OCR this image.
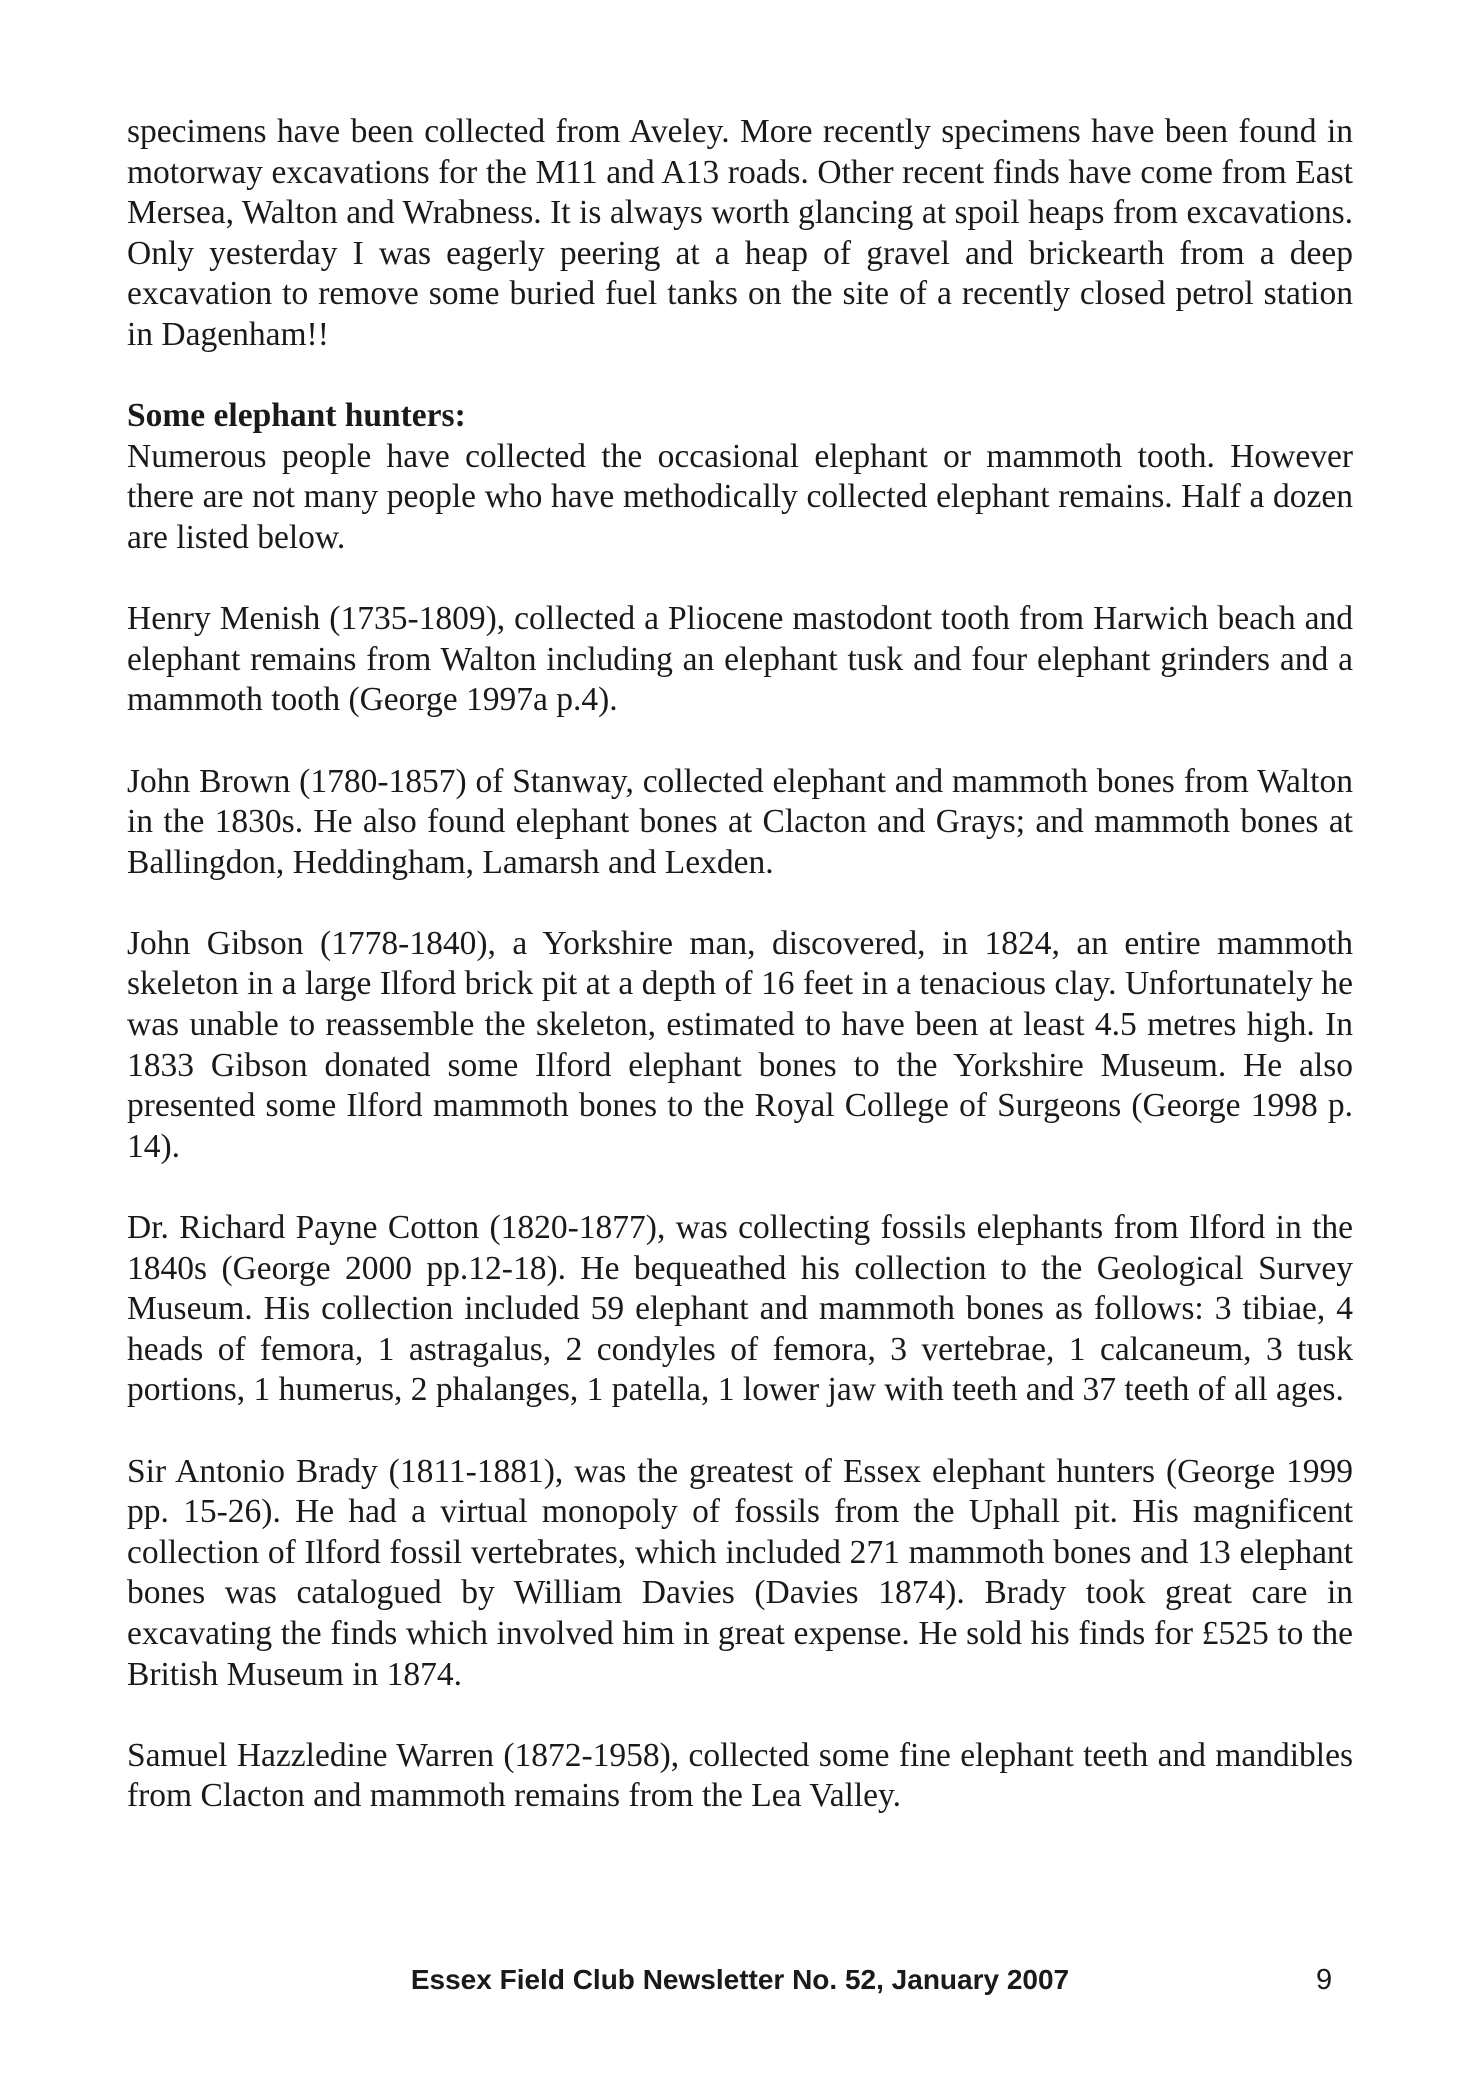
specimens have been collected from Aveley. More recently specimens have been found in motorway excavations for the M11 and A13 roads. Other recent finds have come from East Mersea, Walton and Wrabness. It is always worth glancing at spoil heaps from excavations. Only yesterday I was eagerly peering at a heap of gravel and brickearth from a deep excavation to remove some buried fuel tanks on the site of a recently closed petrol station in Dagenham!!

Some elephant hunters:

Numerous people have collected the occasional elephant or mammoth tooth. However there are not many people who have methodically collected elephant remains. Half a dozen are listed below.

Henry Menish (1735-1809), collected a Pliocene mastodont tooth from Harwich beach and elephant remains from Walton including an elephant tusk and four elephant grinders and a mammoth tooth (George 1997a p.4).

John Brown (1780-1857) of Stanway, collected elephant and mammoth bones from Walton in the 1830s. He also found elephant bones at Clacton and Grays; and mammoth bones at Ballingdon, Heddingham, Lamarsh and Lexden.

John Gibson (1778-1840), a Yorkshire man, discovered, in 1824, an entire mammoth skeleton in a large Ilford brick pit at a depth of 16 feet in a tenacious clay. Unfortunately he was unable to reassemble the skeleton, estimated to have been at least 4.5 metres high. In 1833 Gibson donated some Ilford elephant bones to the Yorkshire Museum. He also presented some Ilford mammoth bones to the Royal College of Surgeons (George 1998 p. 14).

Dr. Richard Payne Cotton (1820-1877), was collecting fossils elephants from Ilford in the 1840s (George 2000 pp.12-18). He bequeathed his collection to the Geological Survey Museum. His collection included 59 elephant and mammoth bones as follows: 3 tibiae, 4 heads of femora, 1 astragalus, 2 condyles of femora, 3 vertebrae, 1 calcaneum, 3 tusk portions, 1 humerus, 2 phalanges, 1 patella, 1 lower jaw with teeth and 37 teeth of all ages.

Sir Antonio Brady (1811-1881), was the greatest of Essex elephant hunters (George 1999 pp. 15-26). He had a virtual monopoly of fossils from the Uphall pit. His magnificent collection of Ilford fossil vertebrates, which included 271 mammoth bones and 13 elephant bones was catalogued by William Davies (Davies 1874). Brady took great care in excavating the finds which involved him in great expense. He sold his finds for £525 to the British Museum in 1874.

Samuel Hazzledine Warren (1872-1958), collected some fine elephant teeth and mandibles from Clacton and mammoth remains from the Lea Valley.

Essex Field Club Newsletter No. 52, January 2007	9
